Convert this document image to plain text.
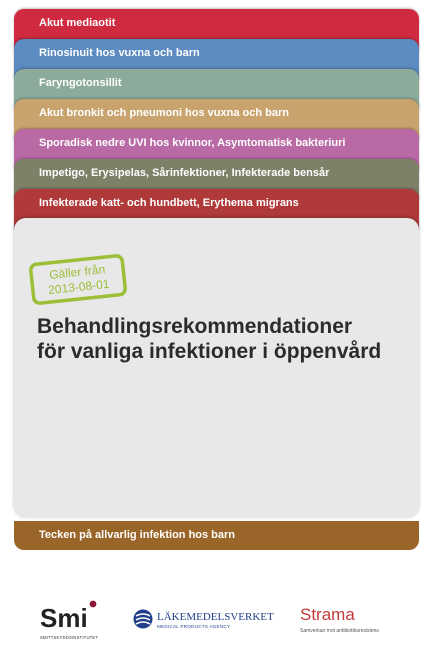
Akut mediaotit
Rinosinuit hos vuxna och barn
Faryngotonsillit
Akut bronkit och pneumoni hos vuxna och barn
Sporadisk nedre UVI hos kvinnor, Asymtomatisk bakteriuri
Impetigo, Erysipelas, Sårinfektioner, Infekterade bensår
Infekterade katt- och hundbett, Erythema migrans
Gäller från
2013-08-01
Behandlingsrekommendationer
för vanliga infektioner i öppenvård
Tecken på allvarlig infektion hos barn
Smi
SMITTSKYDDSINSTITUTET
LÄKEMEDELSVERKET
MEDICAL PRODUCTS AGENCY
Strama
Samverkan mot antibiotikaresistens
